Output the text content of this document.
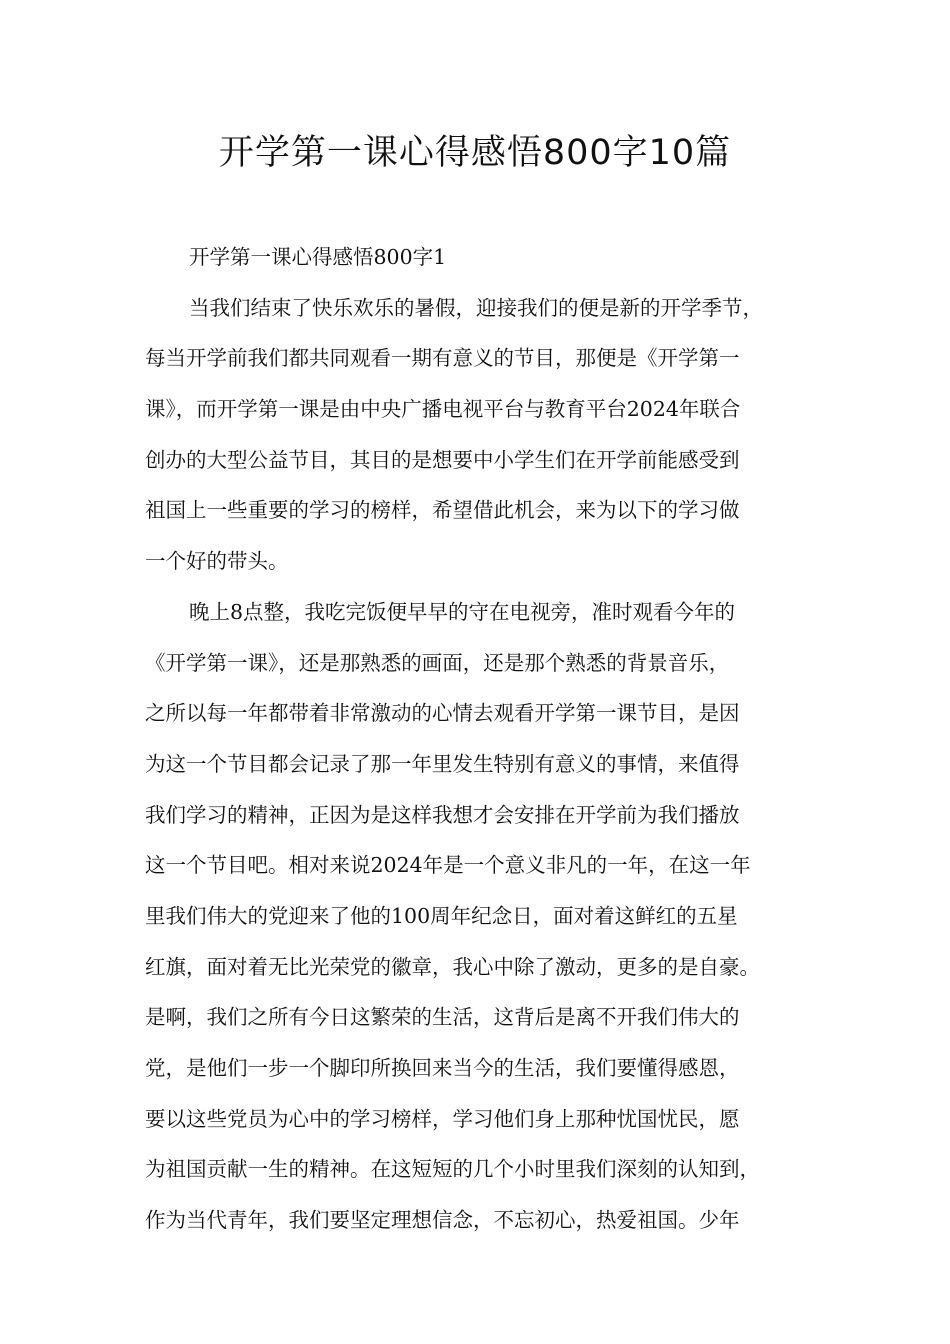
开学第一课心得感悟800字10篇
开学第一课心得感悟800字1
当我们结束了快乐欢乐的暑假，迎接我们的便是新的开学季节，
每当开学前我们都共同观看一期有意义的节目，那便是《开学第一
课》，而开学第一课是由中央广播电视平台与教育平台2024年联合
创办的大型公益节目，其目的是想要中小学生们在开学前能感受到
祖国上一些重要的学习的榜样，希望借此机会，来为以下的学习做
一个好的带头。
晚上8点整，我吃完饭便早早的守在电视旁，准时观看今年的
《开学第一课》，还是那熟悉的画面，还是那个熟悉的背景音乐，
之所以每一年都带着非常激动的心情去观看开学第一课节目，是因
为这一个节目都会记录了那一年里发生特别有意义的事情，来值得
我们学习的精神，正因为是这样我想才会安排在开学前为我们播放
这一个节目吧。相对来说2024年是一个意义非凡的一年，在这一年
里我们伟大的党迎来了他的100周年纪念日，面对着这鲜红的五星
红旗，面对着无比光荣党的徽章，我心中除了激动，更多的是自豪。
是啊，我们之所有今日这繁荣的生活，这背后是离不开我们伟大的
党，是他们一步一个脚印所换回来当今的生活，我们要懂得感恩，
要以这些党员为心中的学习榜样，学习他们身上那种忧国忧民，愿
为祖国贡献一生的精神。在这短短的几个小时里我们深刻的认知到，
作为当代青年，我们要坚定理想信念，不忘初心，热爱祖国。少年
